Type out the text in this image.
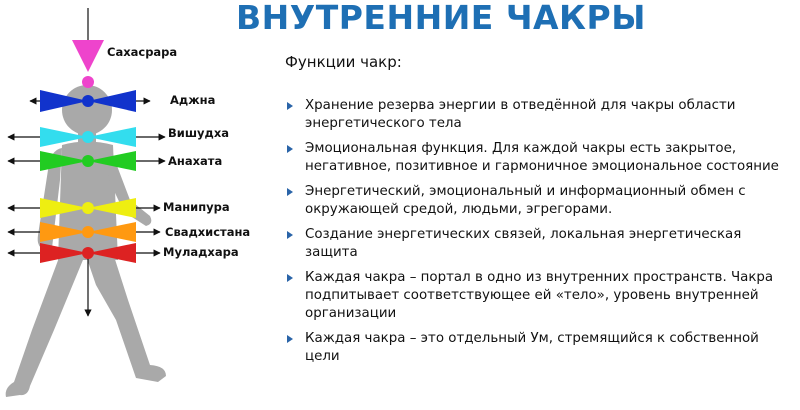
Сахасрара
Аджна
Вишудха
Анахата
Манипура
Свадхистана
Муладхара
ВНУТРЕННИЕ ЧАКРЫ

Функции чакр:

Хранение резерва энергии в отведённой для чакры области энергетического тела
Эмоциональная функция. Для каждой чакры есть закрытое, негативное, позитивное и гармоничное эмоциональное состояние
Энергетический, эмоциональный и информационный обмен с окружающей средой, людьми, эгрегорами.
Создание энергетических связей, локальная энергетическая защита
Каждая чакра – портал в одно из внутренних пространств. Чакра подпитывает соответствующее ей «тело», уровень внутренней организации
Каждая чакра – это отдельный Ум, стремящийся к собственной цели
